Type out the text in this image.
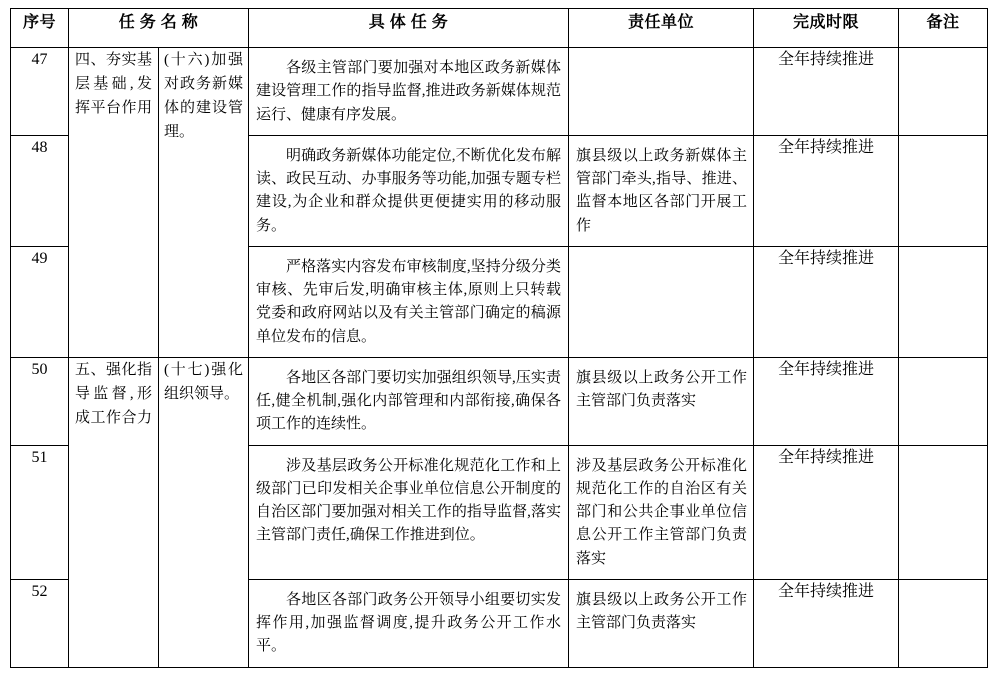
序号	任 务 名 称		具 体 任 务	责任单位	完成时限	备注

47	四、夯实基层基础,发挥平台作用	(十六)加强对政务新媒体的建设管理。	各级主管部门要加强对本地区政务新媒体建设管理工作的指导监督,推进政务新媒体规范运行、健康有序发展。		全年持续推进	

48			明确政务新媒体功能定位,不断优化发布解读、政民互动、办事服务等功能,加强专题专栏建设,为企业和群众提供更便捷实用的移动服务。	旗县级以上政务新媒体主管部门牵头,指导、推进、监督本地区各部门开展工作	全年持续推进	

49			严格落实内容发布审核制度,坚持分级分类审核、先审后发,明确审核主体,原则上只转载党委和政府网站以及有关主管部门确定的稿源单位发布的信息。		全年持续推进	

50	五、强化指导监督,形成工作合力	(十七)强化组织领导。	各地区各部门要切实加强组织领导,压实责任,健全机制,强化内部管理和内部衔接,确保各项工作的连续性。	旗县级以上政务公开工作主管部门负责落实	全年持续推进	

51			涉及基层政务公开标准化规范化工作和上级部门已印发相关企事业单位信息公开制度的自治区部门要加强对相关工作的指导监督,落实主管部门责任,确保工作推进到位。	涉及基层政务公开标准化规范化工作的自治区有关部门和公共企事业单位信息公开工作主管部门负责落实	全年持续推进	

52			各地区各部门政务公开领导小组要切实发挥作用,加强监督调度,提升政务公开工作水平。	旗县级以上政务公开工作主管部门负责落实	全年持续推进	
